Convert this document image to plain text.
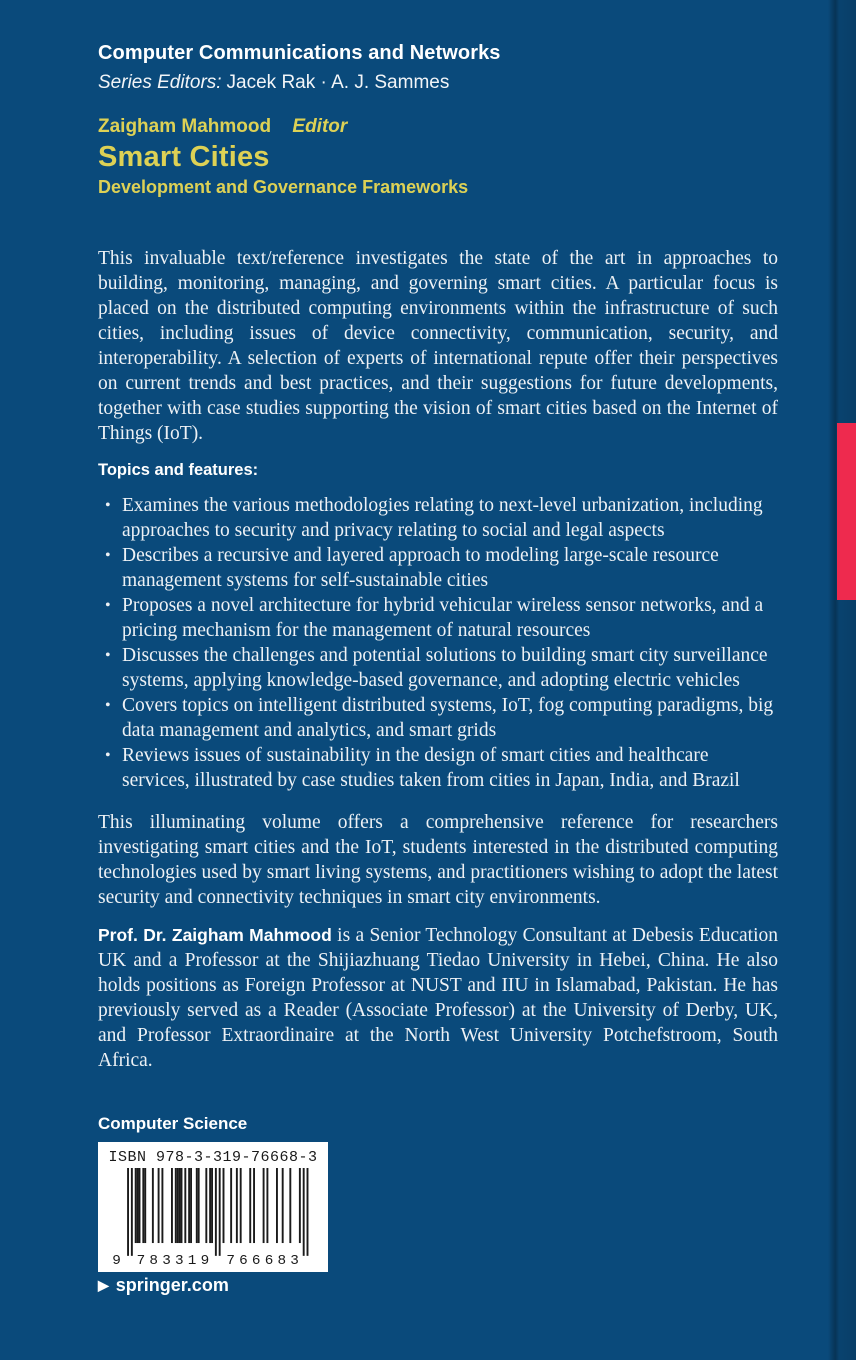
Computer Communications and Networks
Series Editors: Jacek Rak · A. J. Sammes
Zaigham Mahmood Editor
Smart Cities
Development and Governance Frameworks

This invaluable text/reference investigates the state of the art in approaches to building, monitoring, managing, and governing smart cities. A particular focus is placed on the distributed computing environments within the infrastructure of such cities, including issues of device connectivity, communication, security, and interoperability. A selection of experts of international repute offer their perspectives on current trends and best practices, and their suggestions for future developments, together with case studies supporting the vision of smart cities based on the Internet of Things (IoT).

Topics and features:
• Examines the various methodologies relating to next-level urbanization, including approaches to security and privacy relating to social and legal aspects
• Describes a recursive and layered approach to modeling large-scale resource management systems for self-sustainable cities
• Proposes a novel architecture for hybrid vehicular wireless sensor networks, and a pricing mechanism for the management of natural resources
• Discusses the challenges and potential solutions to building smart city surveillance systems, applying knowledge-based governance, and adopting electric vehicles
• Covers topics on intelligent distributed systems, IoT, fog computing paradigms, big data management and analytics, and smart grids
• Reviews issues of sustainability in the design of smart cities and healthcare services, illustrated by case studies taken from cities in Japan, India, and Brazil

This illuminating volume offers a comprehensive reference for researchers investigating smart cities and the IoT, students interested in the distributed computing technologies used by smart living systems, and practitioners wishing to adopt the latest security and connectivity techniques in smart city environments.

Prof. Dr. Zaigham Mahmood is a Senior Technology Consultant at Debesis Education UK and a Professor at the Shijiazhuang Tiedao University in Hebei, China. He also holds positions as Foreign Professor at NUST and IIU in Islamabad, Pakistan. He has previously served as a Reader (Associate Professor) at the University of Derby, UK, and Professor Extraordinaire at the North West University Potchefstroom, South Africa.

Computer Science
ISBN 978-3-319-76668-3
9 783319 766683
▶ springer.com
